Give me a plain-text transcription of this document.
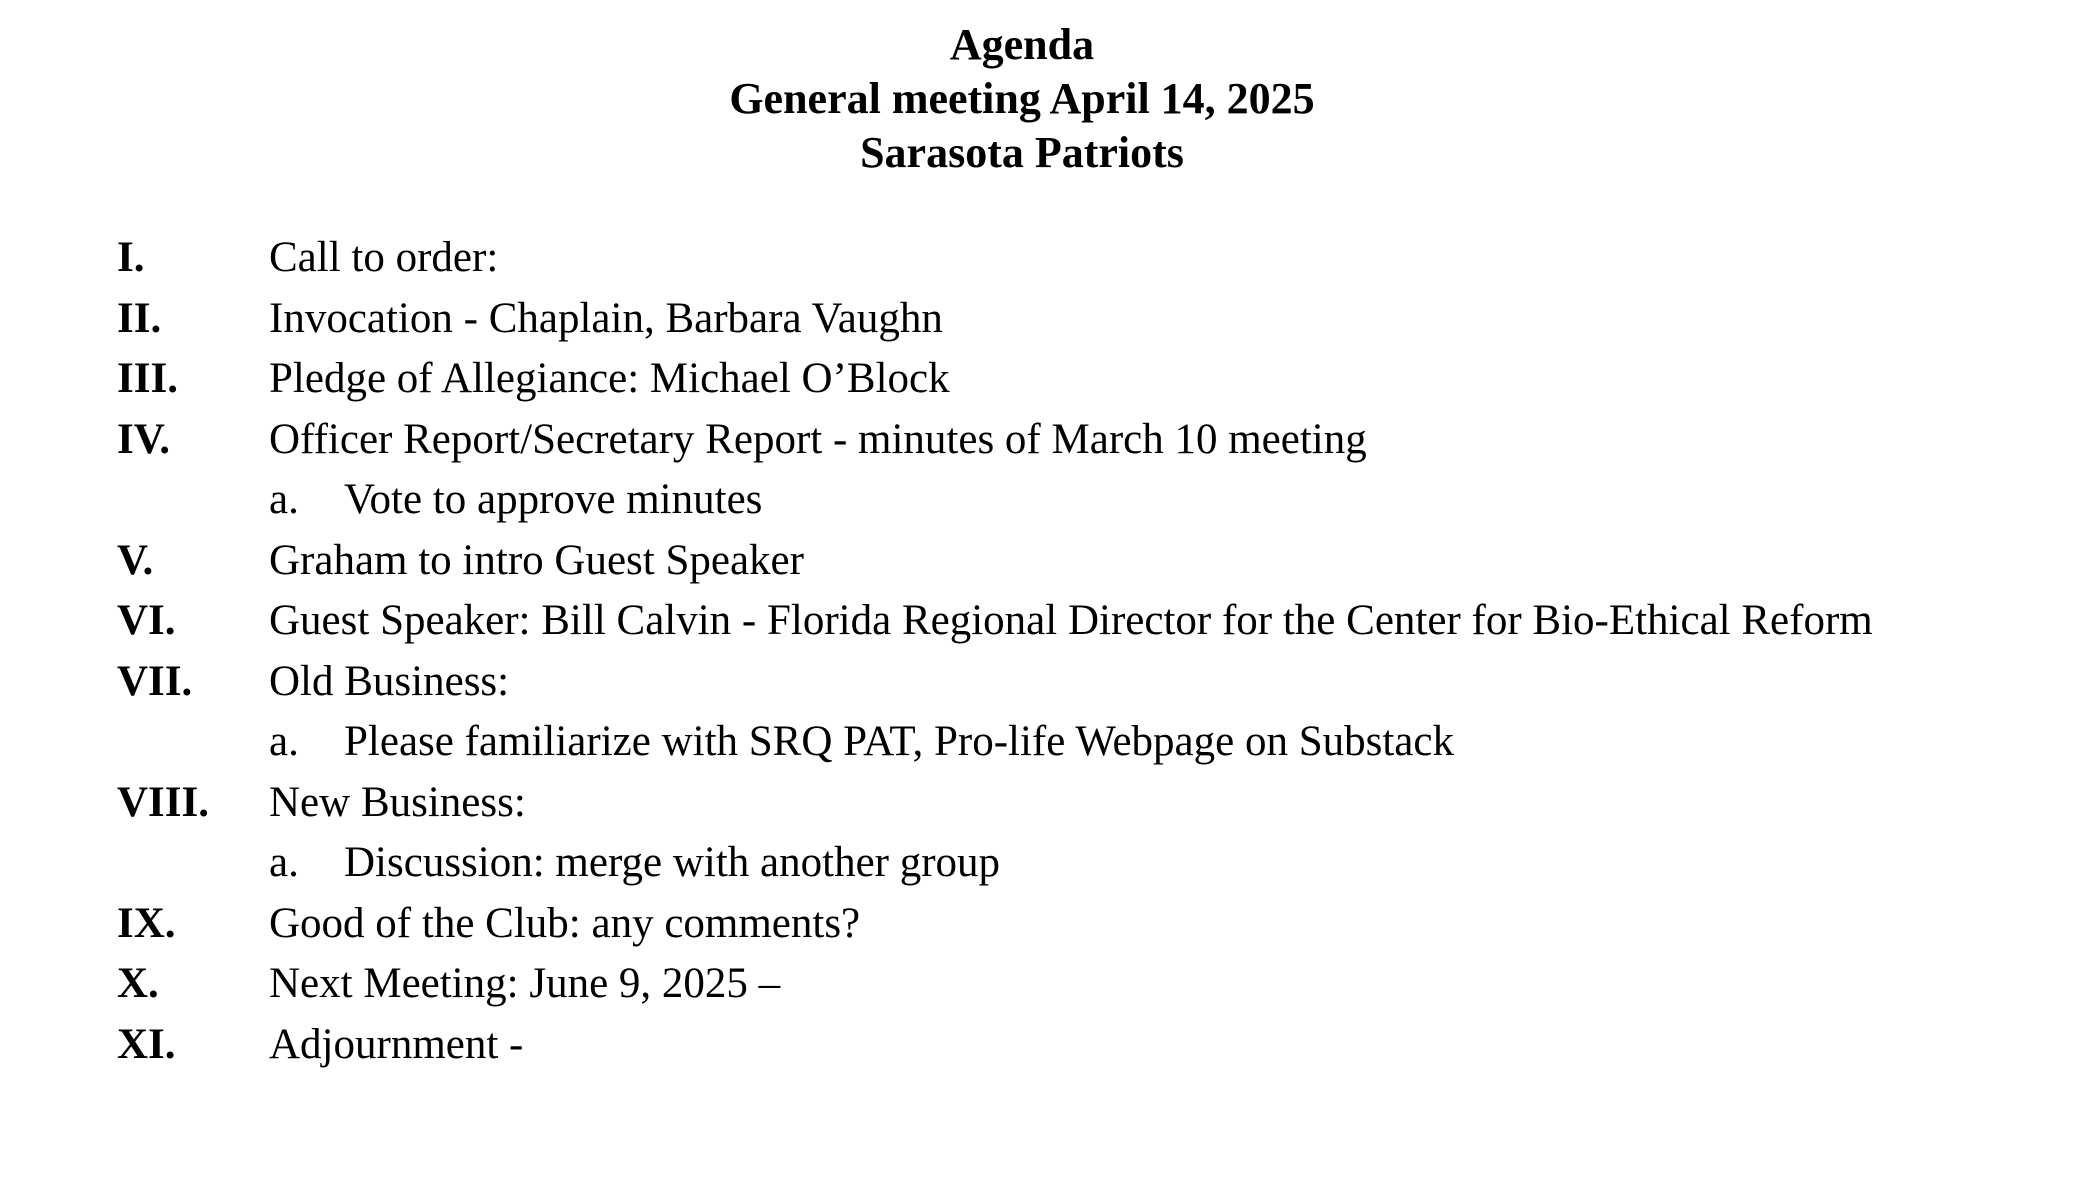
Agenda
General meeting April 14, 2025
Sarasota Patriots
I.	Call to order:
II.	Invocation - Chaplain, Barbara Vaughn
III. Pledge of Allegiance: Michael O’Block
IV. Officer Report/Secretary Report - minutes of March 10 meeting
a. Vote to approve minutes
V.	Graham to intro Guest Speaker
VI. Guest Speaker: Bill Calvin - Florida Regional Director for the Center for Bio-Ethical Reform
VII. Old Business:
a. Please familiarize with SRQ PAT, Pro-life Webpage on Substack
VIII. New Business:
a. Discussion: merge with another group
IX. Good of the Club: any comments?
X.	Next Meeting: June 9, 2025 –
XI. Adjournment -
